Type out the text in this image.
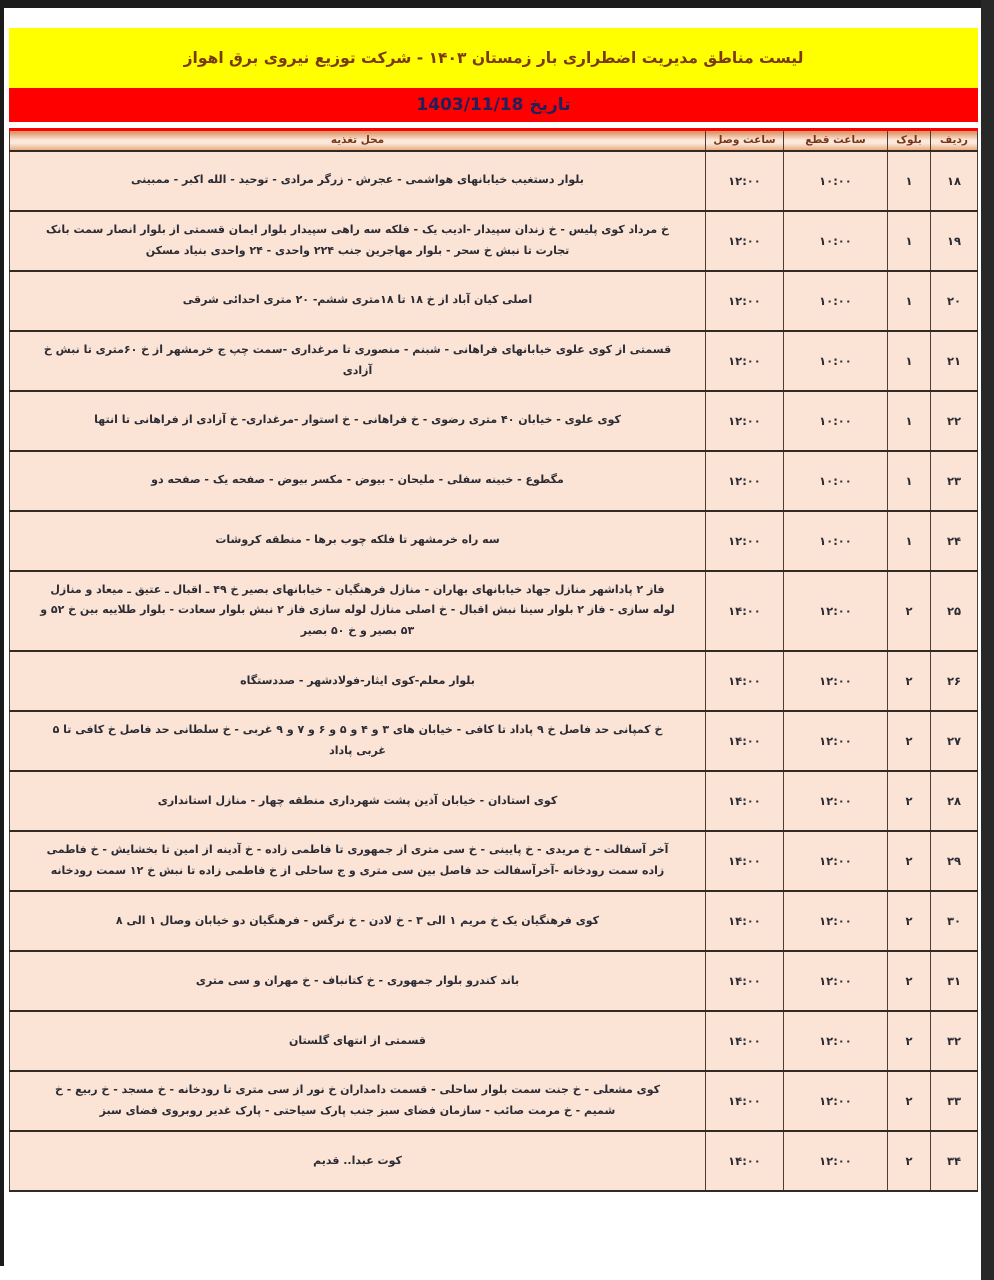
لیست مناطق مدیریت اضطراری بار زمستان ۱۴۰۳ - شرکت توزیع نیروی برق اهواز
تاریخ 1403/11/18
ردیف	بلوک	ساعت قطع	ساعت وصل	محل تغذیه
۱۸	۱	۱۰:۰۰	۱۲:۰۰	بلوار دستغیب خیابانهای هواشمی - عجرش - زرگر مرادی - توحید - الله اکبر - ممبینی
۱۹	۱	۱۰:۰۰	۱۲:۰۰	خ مرداد کوی پلیس - خ زندان سپیدار -ادیب یک - فلکه سه راهی سپیدار بلوار ایمان قسمتی از بلوار انصار سمت بانک تجارت تا نبش خ سحر - بلوار مهاجرین جنب ۲۲۴ واحدی - ۲۴ واحدی بنیاد مسکن
۲۰	۱	۱۰:۰۰	۱۲:۰۰	اصلی کیان آباد از خ ۱۸ تا ۱۸متری ششم- ۲۰ متری احدائی شرقی
۲۱	۱	۱۰:۰۰	۱۲:۰۰	قسمتی از کوی علوی خیابانهای فراهانی - شبنم - منصوری تا مرغداری -سمت چپ ج خرمشهر از خ ۶۰متری تا نبش خ آزادی
۲۲	۱	۱۰:۰۰	۱۲:۰۰	کوی علوی - خیابان ۴۰ متری رضوی - خ فراهانی - خ استوار -مرغداری- خ آزادی از فراهانی تا انتها
۲۳	۱	۱۰:۰۰	۱۲:۰۰	مگطوع - خبینه سفلی - ملیحان - بیوض - مکسر بیوض - صفحه یک - صفحه دو
۲۴	۱	۱۰:۰۰	۱۲:۰۰	سه راه خرمشهر تا فلکه چوب برها - منطقه کروشات
۲۵	۲	۱۲:۰۰	۱۴:۰۰	فاز ۲ پاداشهر منازل جهاد خیابانهای بهاران - منازل فرهنگیان - خیابانهای بصیر خ ۴۹ ـ اقبال ـ عتیق ـ میعاد و منازل لوله سازی - فاز ۲ بلوار سینا نبش اقبال - خ اصلی منازل لوله سازی فاز ۲ نبش بلوار سعادت - بلوار طلاییه بین خ ۵۲ و ۵۳ بصیر و خ ۵۰ بصیر
۲۶	۲	۱۲:۰۰	۱۴:۰۰	بلوار معلم-کوی ایثار-فولادشهر - صددستگاه
۲۷	۲	۱۲:۰۰	۱۴:۰۰	خ کمپانی حد فاصل خ ۹ پاداد تا کافی - خیابان های ۳ و ۴ و ۵ و ۶ و ۷ و ۹ غربی - خ سلطانی حد فاصل خ کافی تا ۵ غربی پاداد
۲۸	۲	۱۲:۰۰	۱۴:۰۰	کوی استادان - خیابان آذین پشت شهرداری منطقه چهار - منازل استانداری
۲۹	۲	۱۲:۰۰	۱۴:۰۰	آخر آسفالت - خ مریدی - خ پایینی - خ سی متری از جمهوری تا فاطمی زاده - خ آدینه از امین تا بخشایش - خ فاطمی زاده سمت رودخانه -آخرآسفالت حد فاصل بین سی متری و ج ساحلی از خ فاطمی زاده تا نبش خ ۱۲ سمت رودخانه
۳۰	۲	۱۲:۰۰	۱۴:۰۰	کوی فرهنگیان یک خ مریم ۱ الی ۳ - خ لادن - خ نرگس - فرهنگیان دو خیابان وصال ۱ الی ۸
۳۱	۲	۱۲:۰۰	۱۴:۰۰	باند کندرو بلوار جمهوری - خ کتانباف - خ مهران و سی متری
۳۲	۲	۱۲:۰۰	۱۴:۰۰	قسمتی از انتهای گلستان
۳۳	۲	۱۲:۰۰	۱۴:۰۰	کوی مشعلی - خ جنت سمت بلوار ساحلی - قسمت دامداران خ نور از سی متری تا رودخانه - خ مسجد - خ ربیع - خ شمیم - خ مرمت صائب - سازمان فضای سبز جنب پارک سیاحتی - پارک غدیر روبروی فضای سبز
۳۴	۲	۱۲:۰۰	۱۴:۰۰	کوت عبدا.. قدیم
